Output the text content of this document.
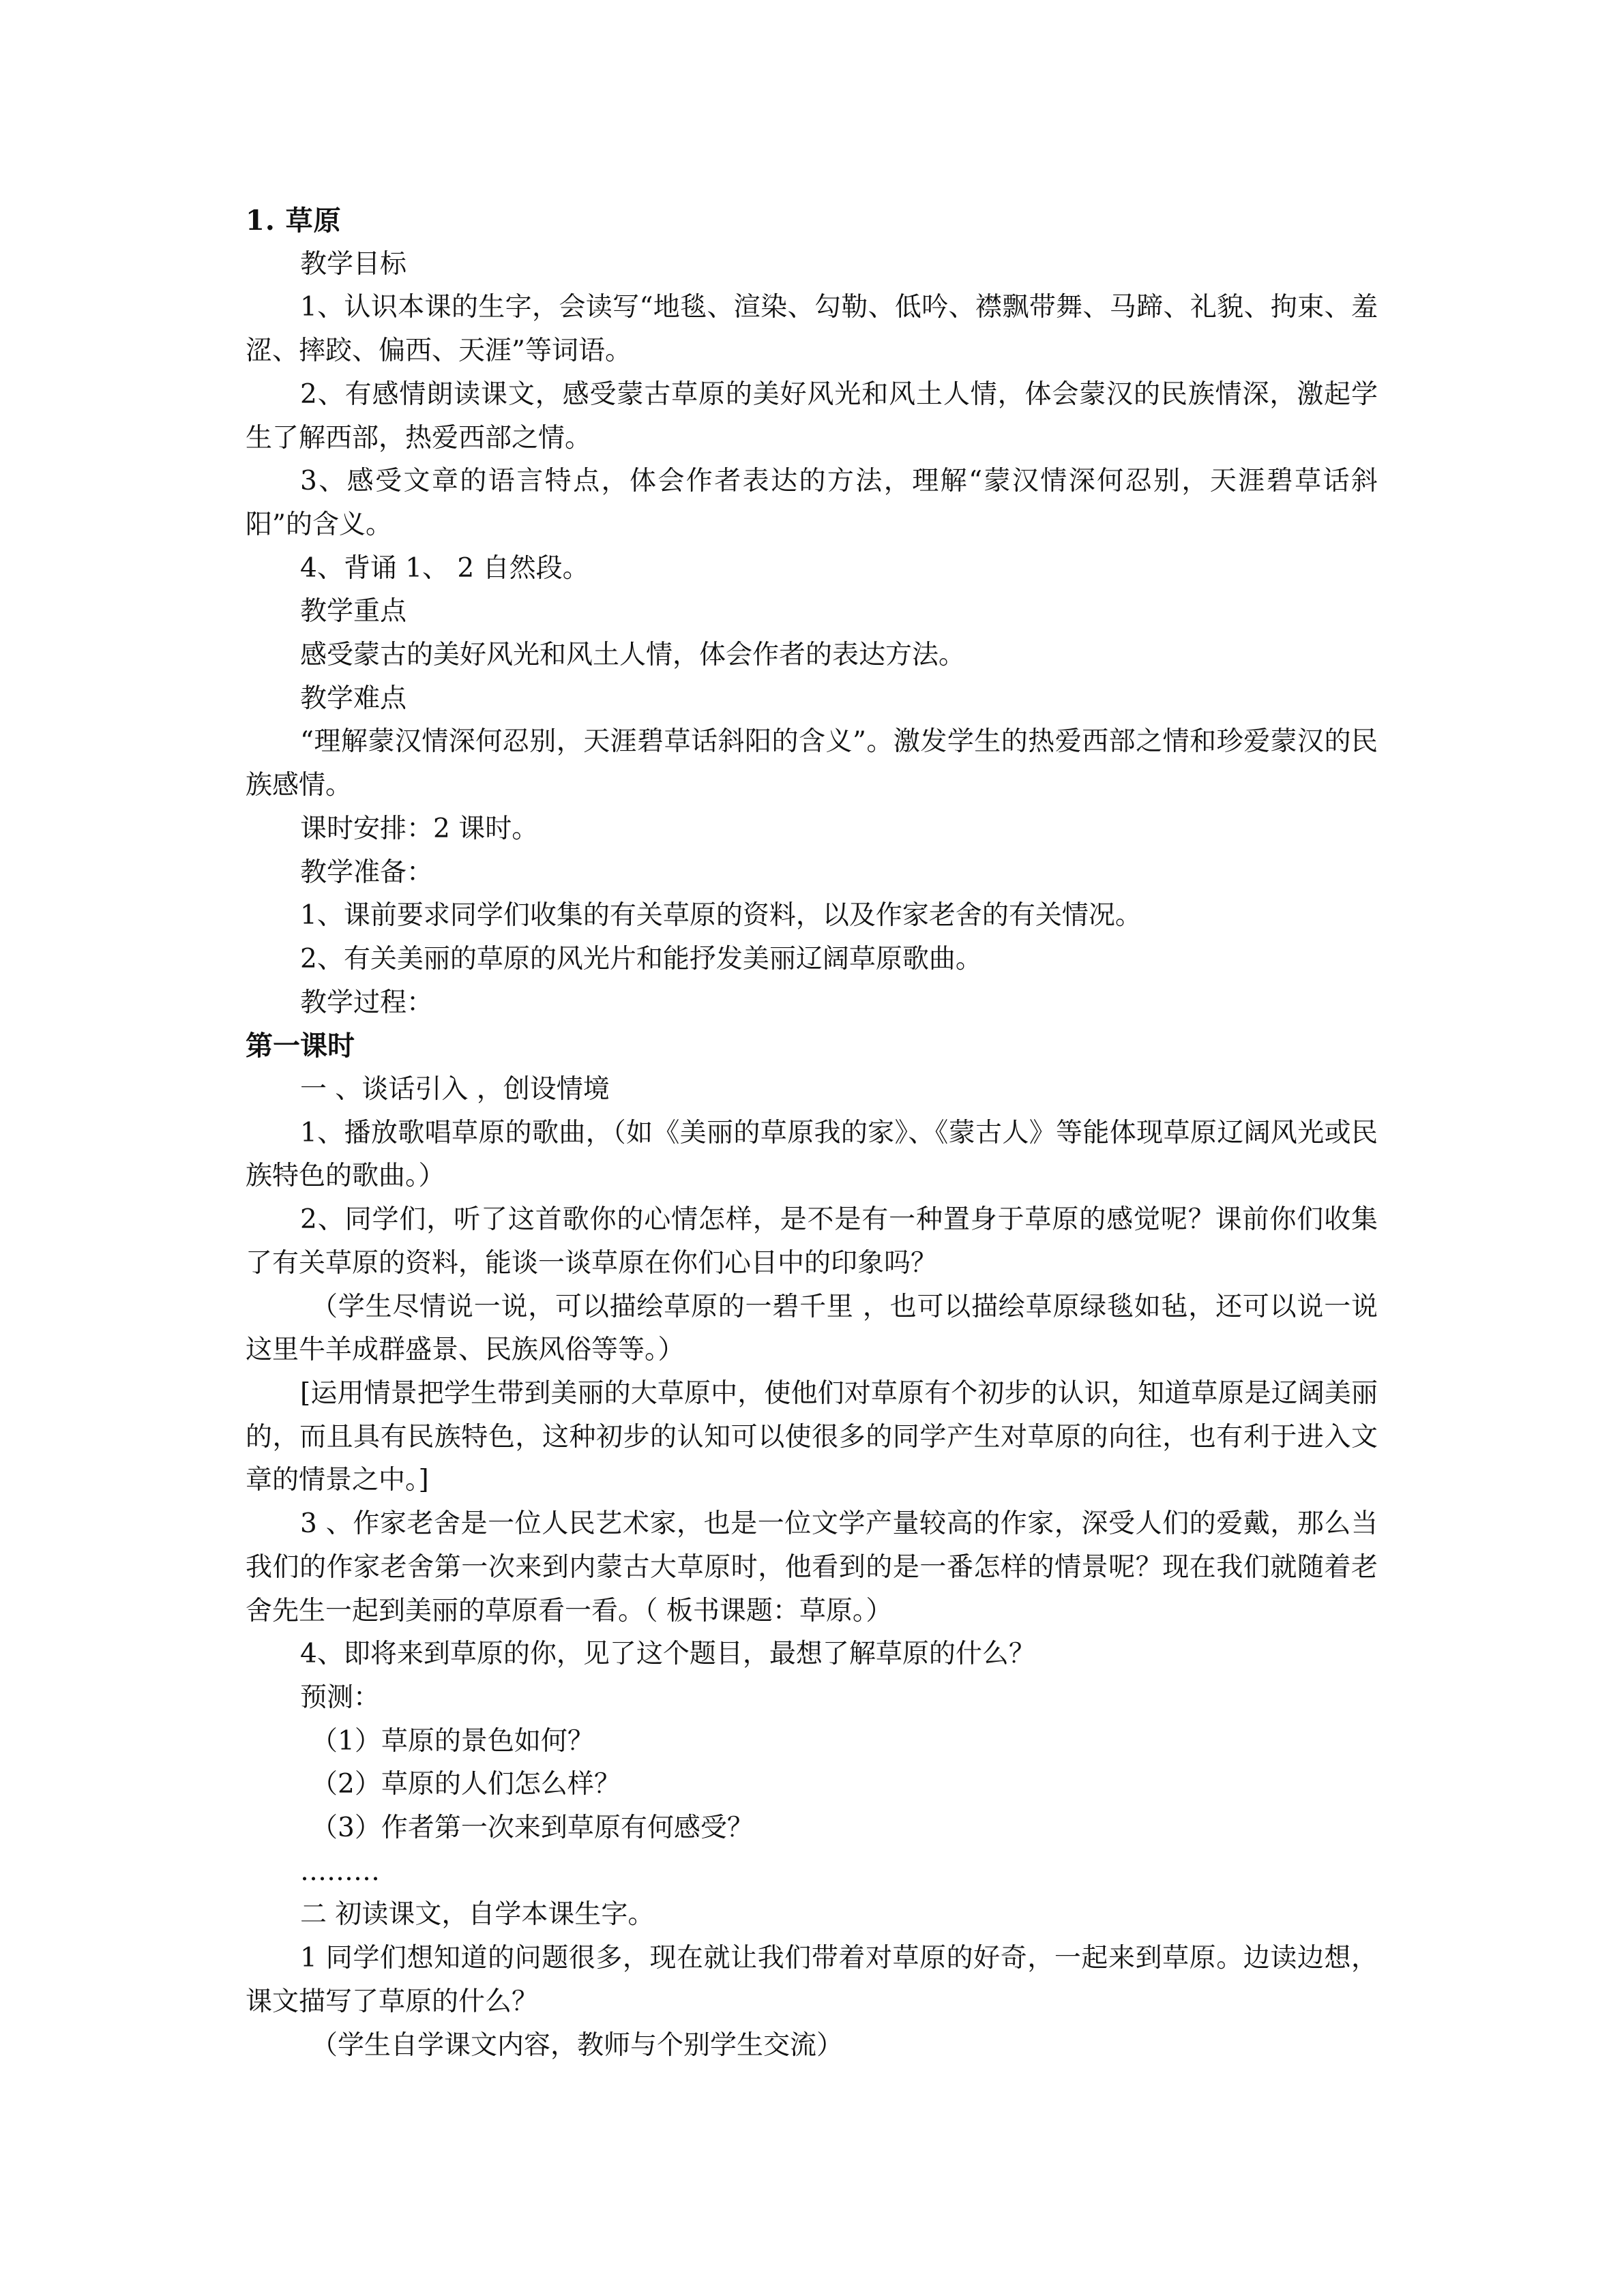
1. 草原

教学目标

1、认识本课的生字，会读写“地毯、渲染、勾勒、低吟、襟飘带舞、马蹄、礼貌、拘束、羞涩、摔跤、偏西、天涯”等词语。

2、有感情朗读课文，感受蒙古草原的美好风光和风土人情，体会蒙汉的民族情深，激起学生了解西部，热爱西部之情。

3、感受文章的语言特点，体会作者表达的方法，理解“蒙汉情深何忍别，天涯碧草话斜阳”的含义。

4、背诵 1、 2 自然段。

教学重点

感受蒙古的美好风光和风土人情，体会作者的表达方法。

教学难点

“理解蒙汉情深何忍别，天涯碧草话斜阳的含义”。激发学生的热爱西部之情和珍爱蒙汉的民族感情。

课时安排：2 课时。

教学准备：

1、课前要求同学们收集的有关草原的资料，以及作家老舍的有关情况。

2、有关美丽的草原的风光片和能抒发美丽辽阔草原歌曲。

教学过程：

第一课时

一 、谈话引入 ，创设情境

1、播放歌唱草原的歌曲，（如《美丽的草原我的家》、《蒙古人》等能体现草原辽阔风光或民族特色的歌曲。）

2、同学们，听了这首歌你的心情怎样，是不是有一种置身于草原的感觉呢？课前你们收集了有关草原的资料，能谈一谈草原在你们心目中的印象吗？

（学生尽情说一说，可以描绘草原的一碧千里 ，也可以描绘草原绿毯如毡，还可以说一说这里牛羊成群盛景、民族风俗等等。）

[运用情景把学生带到美丽的大草原中，使他们对草原有个初步的认识，知道草原是辽阔美丽的，而且具有民族特色，这种初步的认知可以使很多的同学产生对草原的向往，也有利于进入文章的情景之中。]

3 、作家老舍是一位人民艺术家，也是一位文学产量较高的作家，深受人们的爱戴，那么当我们的作家老舍第一次来到内蒙古大草原时，他看到的是一番怎样的情景呢？现在我们就随着老舍先生一起到美丽的草原看一看。（ 板书课题：草原。）

4、即将来到草原的你，见了这个题目，最想了解草原的什么？

预测：

（1）草原的景色如何？

（2）草原的人们怎么样？

（3）作者第一次来到草原有何感受？

………

二 初读课文，自学本课生字。

1 同学们想知道的问题很多，现在就让我们带着对草原的好奇，一起来到草原。边读边想，课文描写了草原的什么？

（学生自学课文内容，教师与个别学生交流）
